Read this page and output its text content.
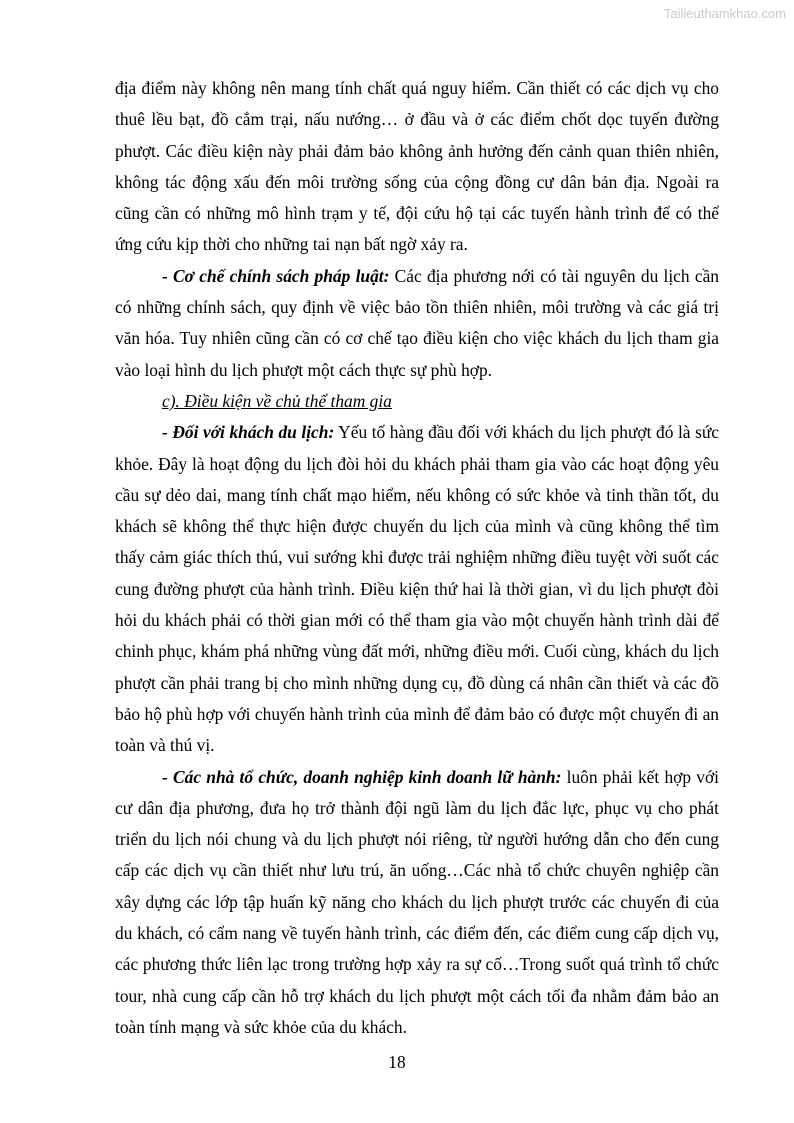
Tailieuthamkhao.com

địa điểm này không nên mang tính chất quá nguy hiểm. Cần thiết có các dịch vụ cho thuê lều bạt, đồ cắm trại, nấu nướng… ở đầu và ở các điểm chốt dọc tuyến đường phượt. Các điều kiện này phải đảm bảo không ảnh hưởng đến cảnh quan thiên nhiên, không tác động xấu đến môi trường sống của cộng đồng cư dân bản địa. Ngoài ra cũng cần có những mô hình trạm y tế, đội cứu hộ tại các tuyến hành trình để có thể ứng cứu kịp thời cho những tai nạn bất ngờ xảy ra.

- Cơ chế chính sách pháp luật: Các địa phương nới có tài nguyên du lịch cần có những chính sách, quy định về việc bảo tồn thiên nhiên, môi trường và các giá trị văn hóa. Tuy nhiên cũng cần có cơ chế tạo điều kiện cho việc khách du lịch tham gia vào loại hình du lịch phượt một cách thực sự phù hợp.

c). Điều kiện về chủ thể tham gia

- Đối với khách du lịch: Yếu tố hàng đầu đối với khách du lịch phượt đó là sức khỏe. Đây là hoạt động du lịch đòi hỏi du khách phải tham gia vào các hoạt động yêu cầu sự dẻo dai, mang tính chất mạo hiểm, nếu không có sức khỏe và tinh thần tốt, du khách sẽ không thể thực hiện được chuyến du lịch của mình và cũng không thể tìm thấy cảm giác thích thú, vui sướng khi được trải nghiệm những điều tuyệt vời suốt các cung đường phượt của hành trình. Điều kiện thứ hai là thời gian, vì du lịch phượt đòi hỏi du khách phải có thời gian mới có thể tham gia vào một chuyến hành trình dài để chinh phục, khám phá những vùng đất mới, những điều mới. Cuối cùng, khách du lịch phượt cần phải trang bị cho mình những dụng cụ, đồ dùng cá nhân cần thiết và các đồ bảo hộ phù hợp với chuyến hành trình của mình để đảm bảo có được một chuyến đi an toàn và thú vị.

- Các nhà tổ chức, doanh nghiệp kinh doanh lữ hành: luôn phải kết hợp với cư dân địa phương, đưa họ trở thành đội ngũ làm du lịch đắc lực, phục vụ cho phát triển du lịch nói chung và du lịch phượt nói riêng, từ người hướng dẫn cho đến cung cấp các dịch vụ cần thiết như lưu trú, ăn uống…Các nhà tổ chức chuyên nghiệp cần xây dựng các lớp tập huấn kỹ năng cho khách du lịch phượt trước các chuyến đi của du khách, có cẩm nang về tuyến hành trình, các điểm đến, các điểm cung cấp dịch vụ, các phương thức liên lạc trong trường hợp xảy ra sự cố…Trong suốt quá trình tổ chức tour, nhà cung cấp cần hỗ trợ khách du lịch phượt một cách tối đa nhằm đảm bảo an toàn tính mạng và sức khỏe của du khách.

18
